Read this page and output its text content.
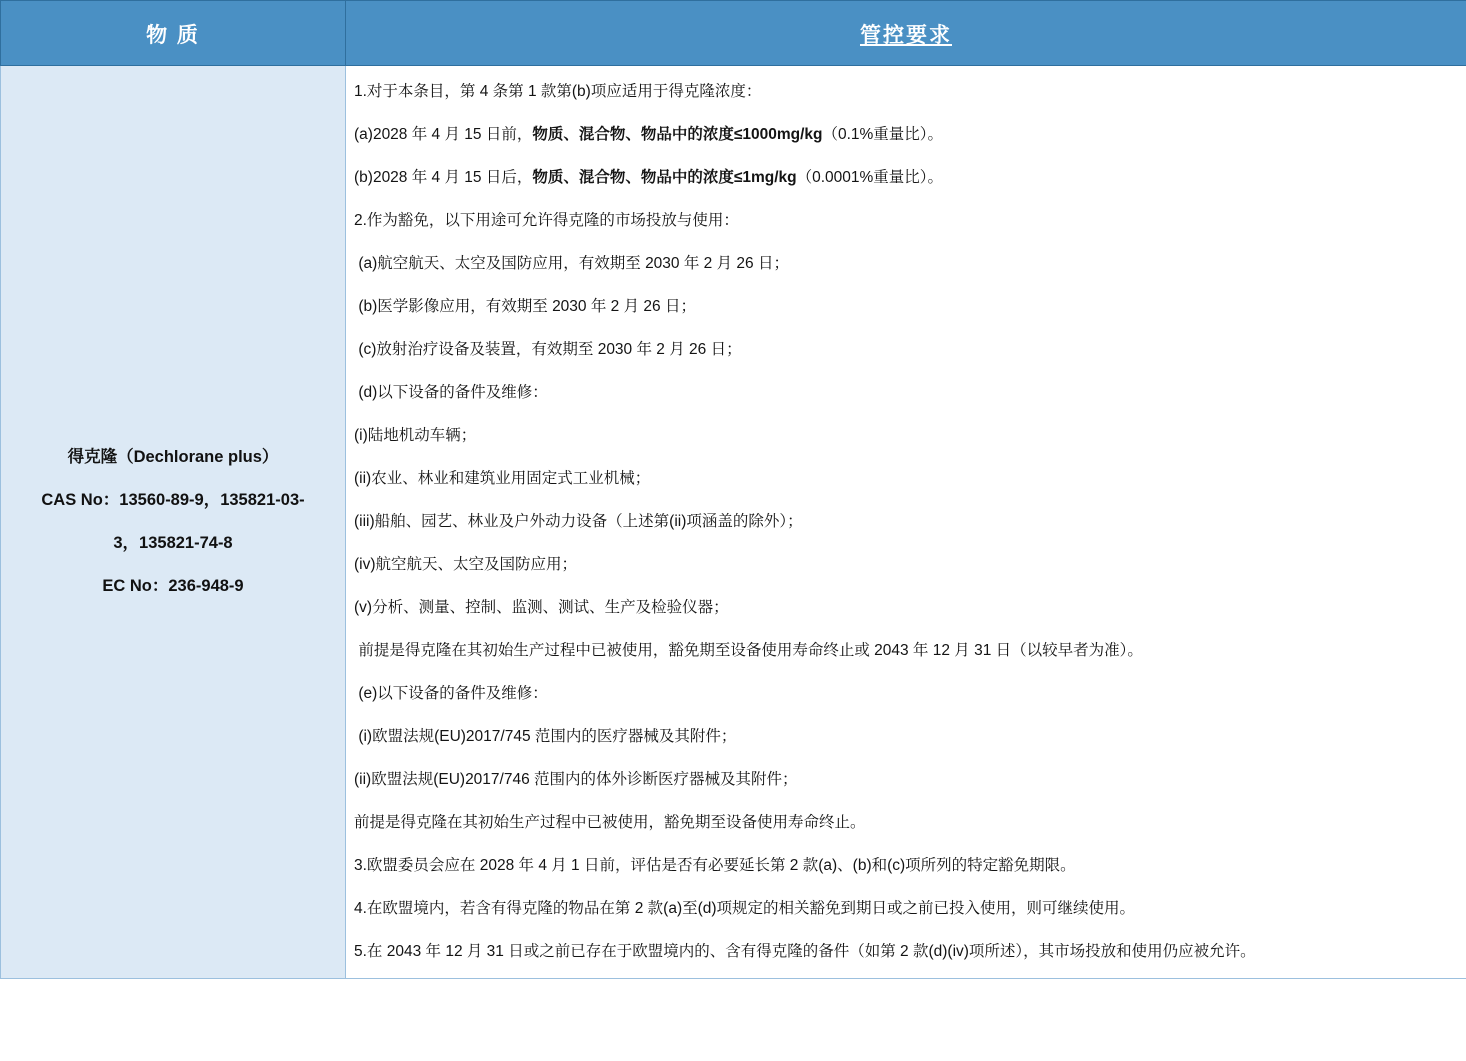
物 质	管控要求

得克隆（Dechlorane plus）
CAS No：13560-89-9，135821-03-
3，135821-74-8
EC No：236-948-9

1.对于本条目，第 4 条第 1 款第(b)项应适用于得克隆浓度：

(a)2028 年 4 月 15 日前，物质、混合物、物品中的浓度≤1000mg/kg（0.1%重量比）。

(b)2028 年 4 月 15 日后，物质、混合物、物品中的浓度≤1mg/kg（0.0001%重量比）。

2.作为豁免，以下用途可允许得克隆的市场投放与使用：

(a)航空航天、太空及国防应用，有效期至 2030 年 2 月 26 日；

(b)医学影像应用，有效期至 2030 年 2 月 26 日；

(c)放射治疗设备及装置，有效期至 2030 年 2 月 26 日；

(d)以下设备的备件及维修：

(i)陆地机动车辆；

(ii)农业、林业和建筑业用固定式工业机械；

(iii)船舶、园艺、林业及户外动力设备（上述第(ii)项涵盖的除外）；

(iv)航空航天、太空及国防应用；

(v)分析、测量、控制、监测、测试、生产及检验仪器；

前提是得克隆在其初始生产过程中已被使用，豁免期至设备使用寿命终止或 2043 年 12 月 31 日（以较早者为准）。

(e)以下设备的备件及维修：

(i)欧盟法规(EU)2017/745 范围内的医疗器械及其附件；

(ii)欧盟法规(EU)2017/746 范围内的体外诊断医疗器械及其附件；

前提是得克隆在其初始生产过程中已被使用，豁免期至设备使用寿命终止。

3.欧盟委员会应在 2028 年 4 月 1 日前，评估是否有必要延长第 2 款(a)、(b)和(c)项所列的特定豁免期限。

4.在欧盟境内，若含有得克隆的物品在第 2 款(a)至(d)项规定的相关豁免到期日或之前已投入使用，则可继续使用。

5.在 2043 年 12 月 31 日或之前已存在于欧盟境内的、含有得克隆的备件（如第 2 款(d)(iv)项所述），其市场投放和使用仍应被允许。
